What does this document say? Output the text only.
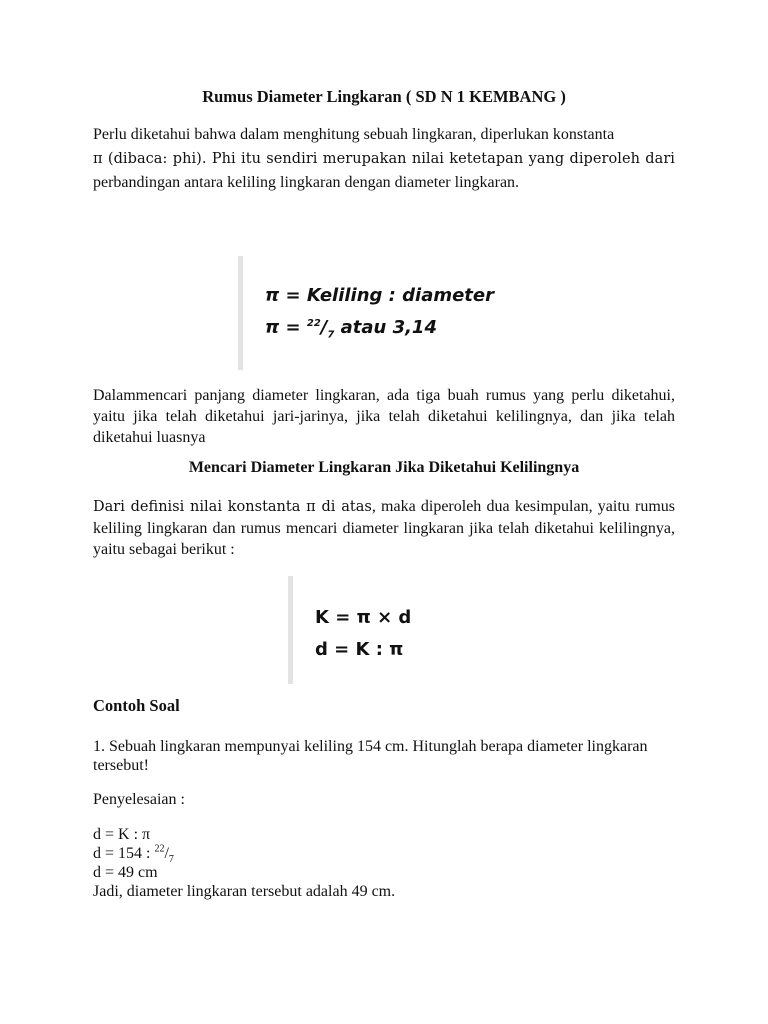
Rumus Diameter Lingkaran ( SD N 1 KEMBANG )
Perlu diketahui bahwa dalam menghitung sebuah lingkaran, diperlukan konstanta
π (dibaca: phi). Phi itu sendiri merupakan nilai ketetapan yang diperoleh dari
perbandingan antara keliling lingkaran dengan diameter lingkaran.
π = Keliling : diameter
$\pi = ^{22}/_7$ atau 3,14

Dalammencari panjang diameter lingkaran, ada tiga buah rumus yang perlu diketahui, yaitu jika telah diketahui jari-jarinya, jika telah diketahui kelilingnya, dan jika telah diketahui luasnya

Mencari Diameter Lingkaran Jika Diketahui Kelilingnya

Dari definisi nilai konstanta π di atas, maka diperoleh dua kesimpulan, yaitu rumus keliling lingkaran dan rumus mencari diameter lingkaran jika telah diketahui kelilingnya, yaitu sebagai berikut :

K = π × d
d = K : π
Contoh Soal

1. Sebuah lingkaran mempunyai keliling 154 cm. Hitunglah berapa diameter lingkaran tersebut!

Penyelesaian :
d = K : π
d = 154 : $^{22}/_7$
d = 49 cm
Jadi, diameter lingkaran tersebut adalah 49 cm.
